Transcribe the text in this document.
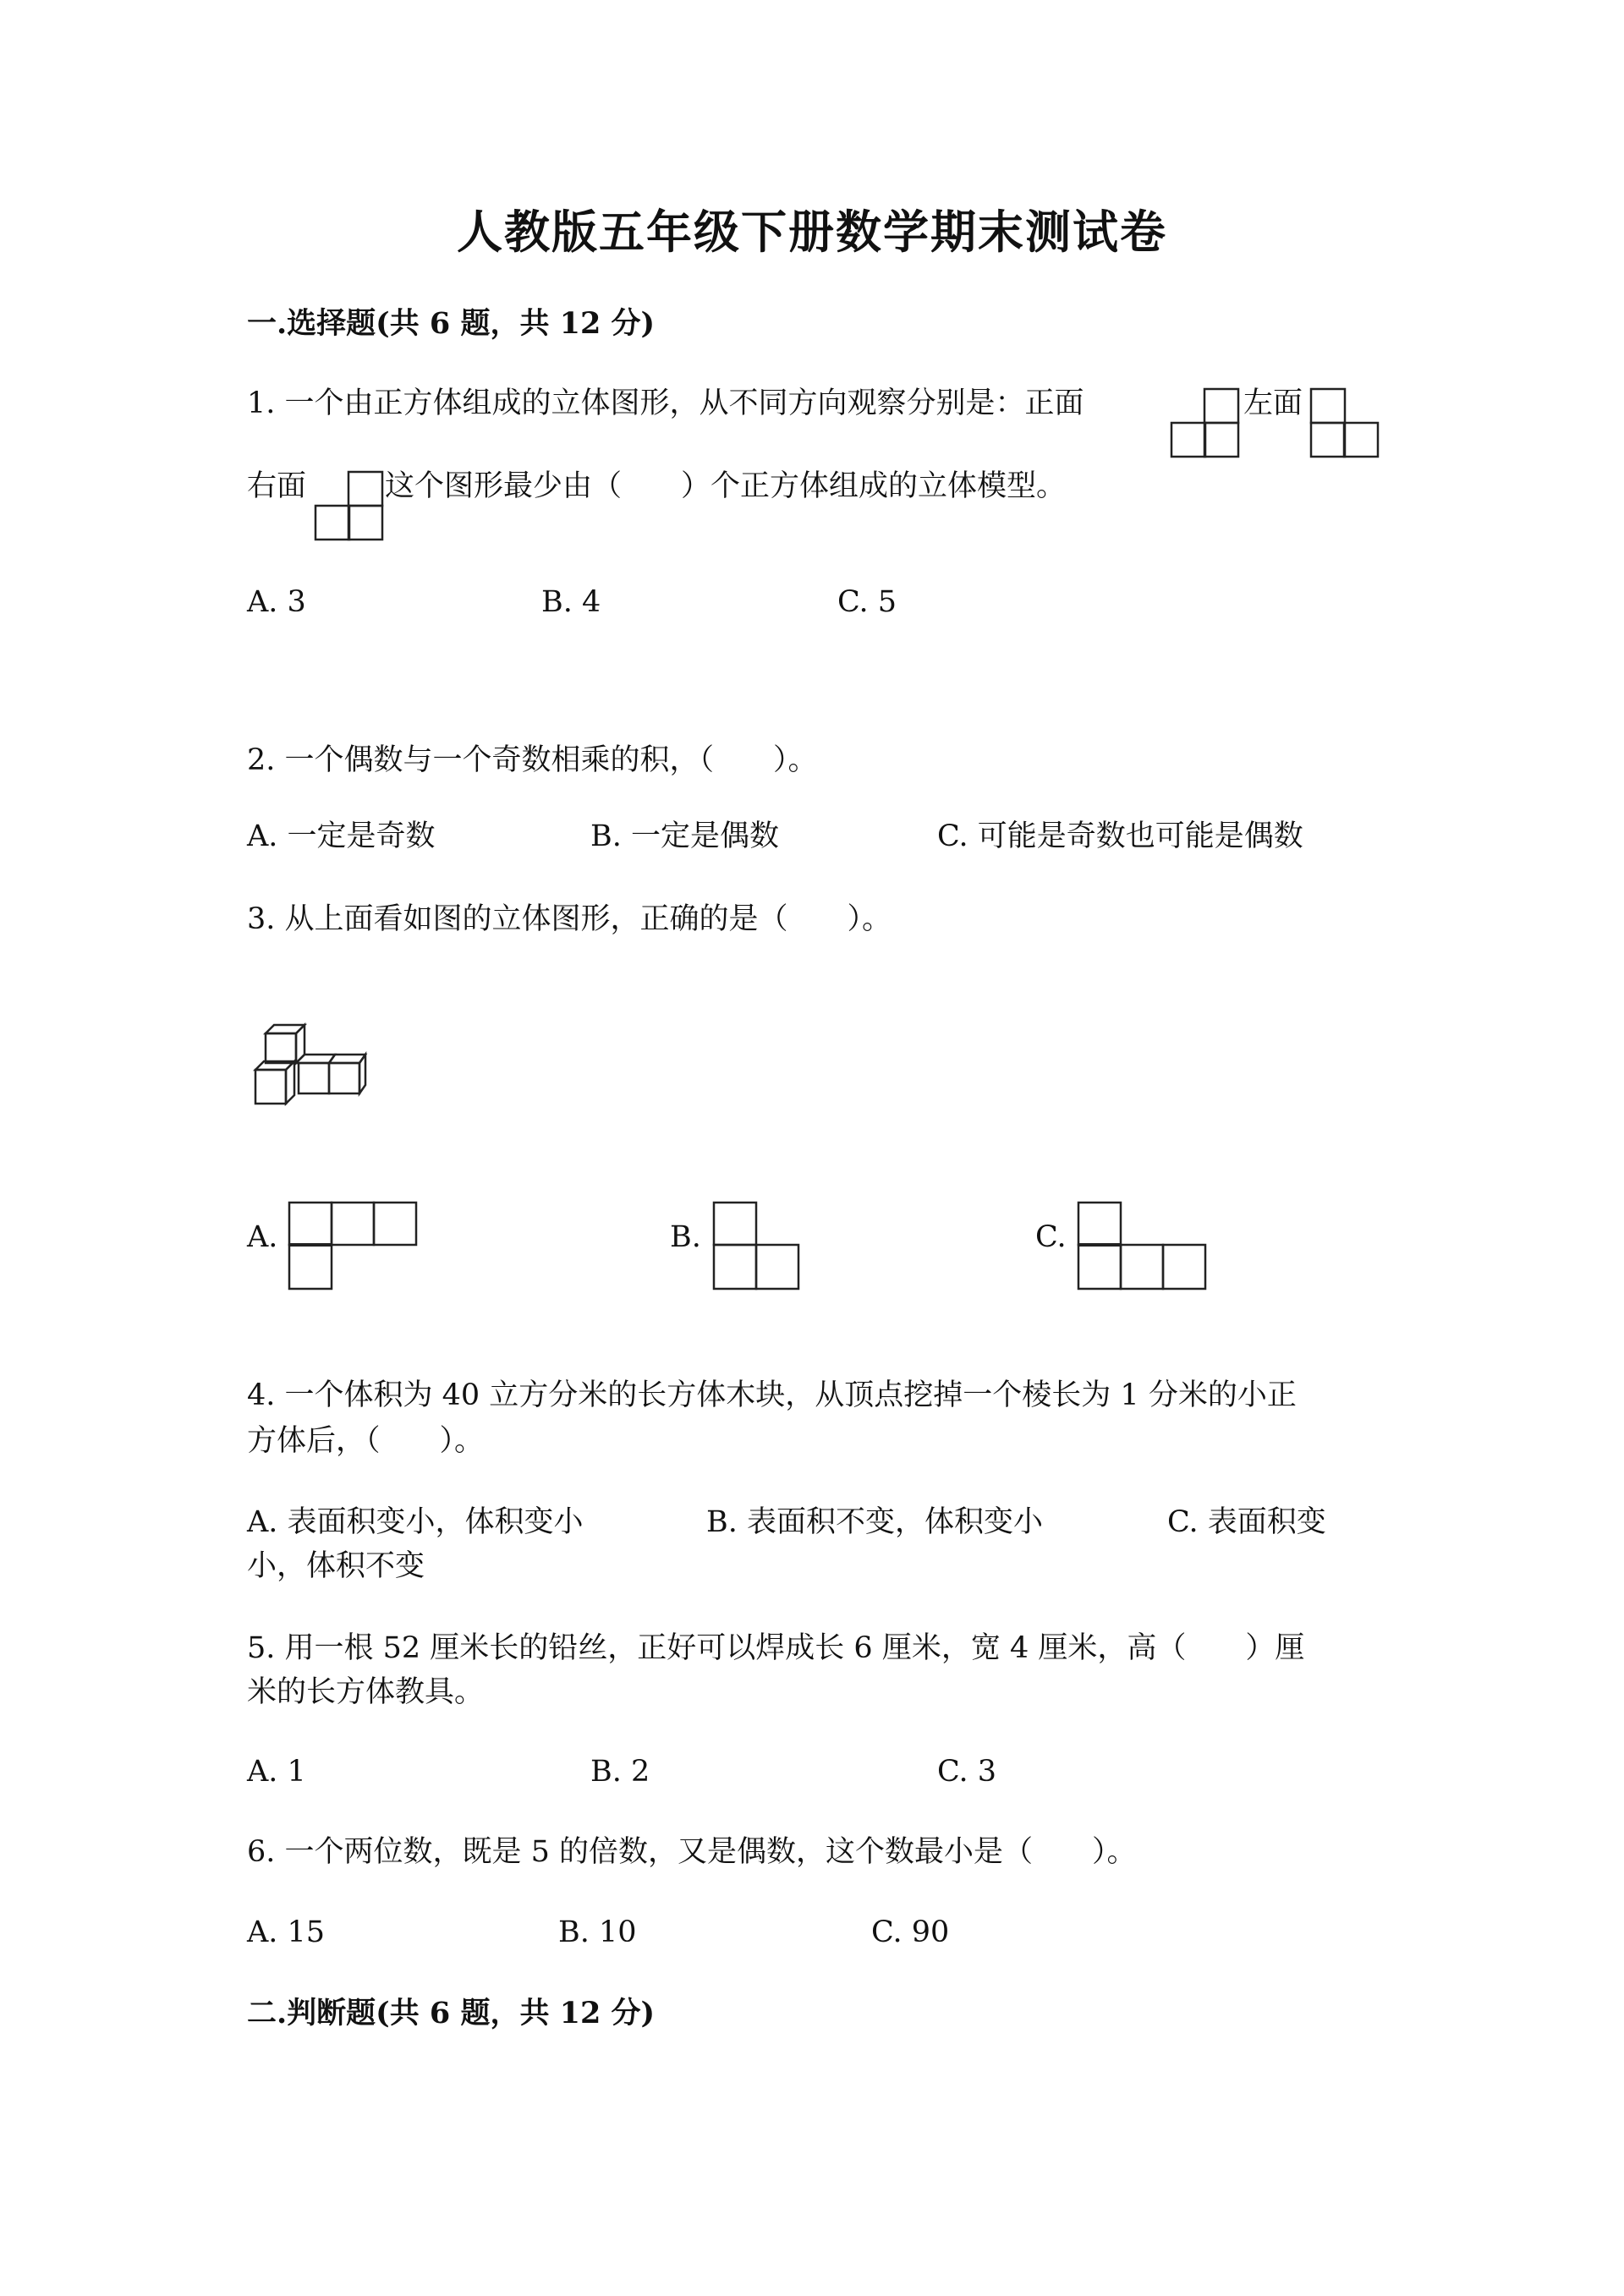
人教版五年级下册数学期末测试卷
一.选择题(共 6 题，共 12 分)
1. 一个由正方体组成的立体图形，从不同方向观察分别是：正面	左面
右面	这个图形最少由（　　）个正方体组成的立体模型。
A. 3	B. 4	C. 5
2. 一个偶数与一个奇数相乘的积，（　　）。
A. 一定是奇数	B. 一定是偶数	C. 可能是奇数也可能是偶数
3. 从上面看如图的立体图形，正确的是（　　）。
A.	B.	C.
4. 一个体积为 40 立方分米的长方体木块，从顶点挖掉一个棱长为 1 分米的小正
方体后，（　　）。
A. 表面积变小，体积变小	B. 表面积不变，体积变小	C. 表面积变
小，体积不变
5. 用一根 52 厘米长的铅丝，正好可以焊成长 6 厘米，宽 4 厘米，高（　　）厘
米的长方体教具。
A. 1	B. 2	C. 3
6. 一个两位数，既是 5 的倍数，又是偶数，这个数最小是（　　）。
A. 15	B. 10	C. 90
二.判断题(共 6 题，共 12 分)
